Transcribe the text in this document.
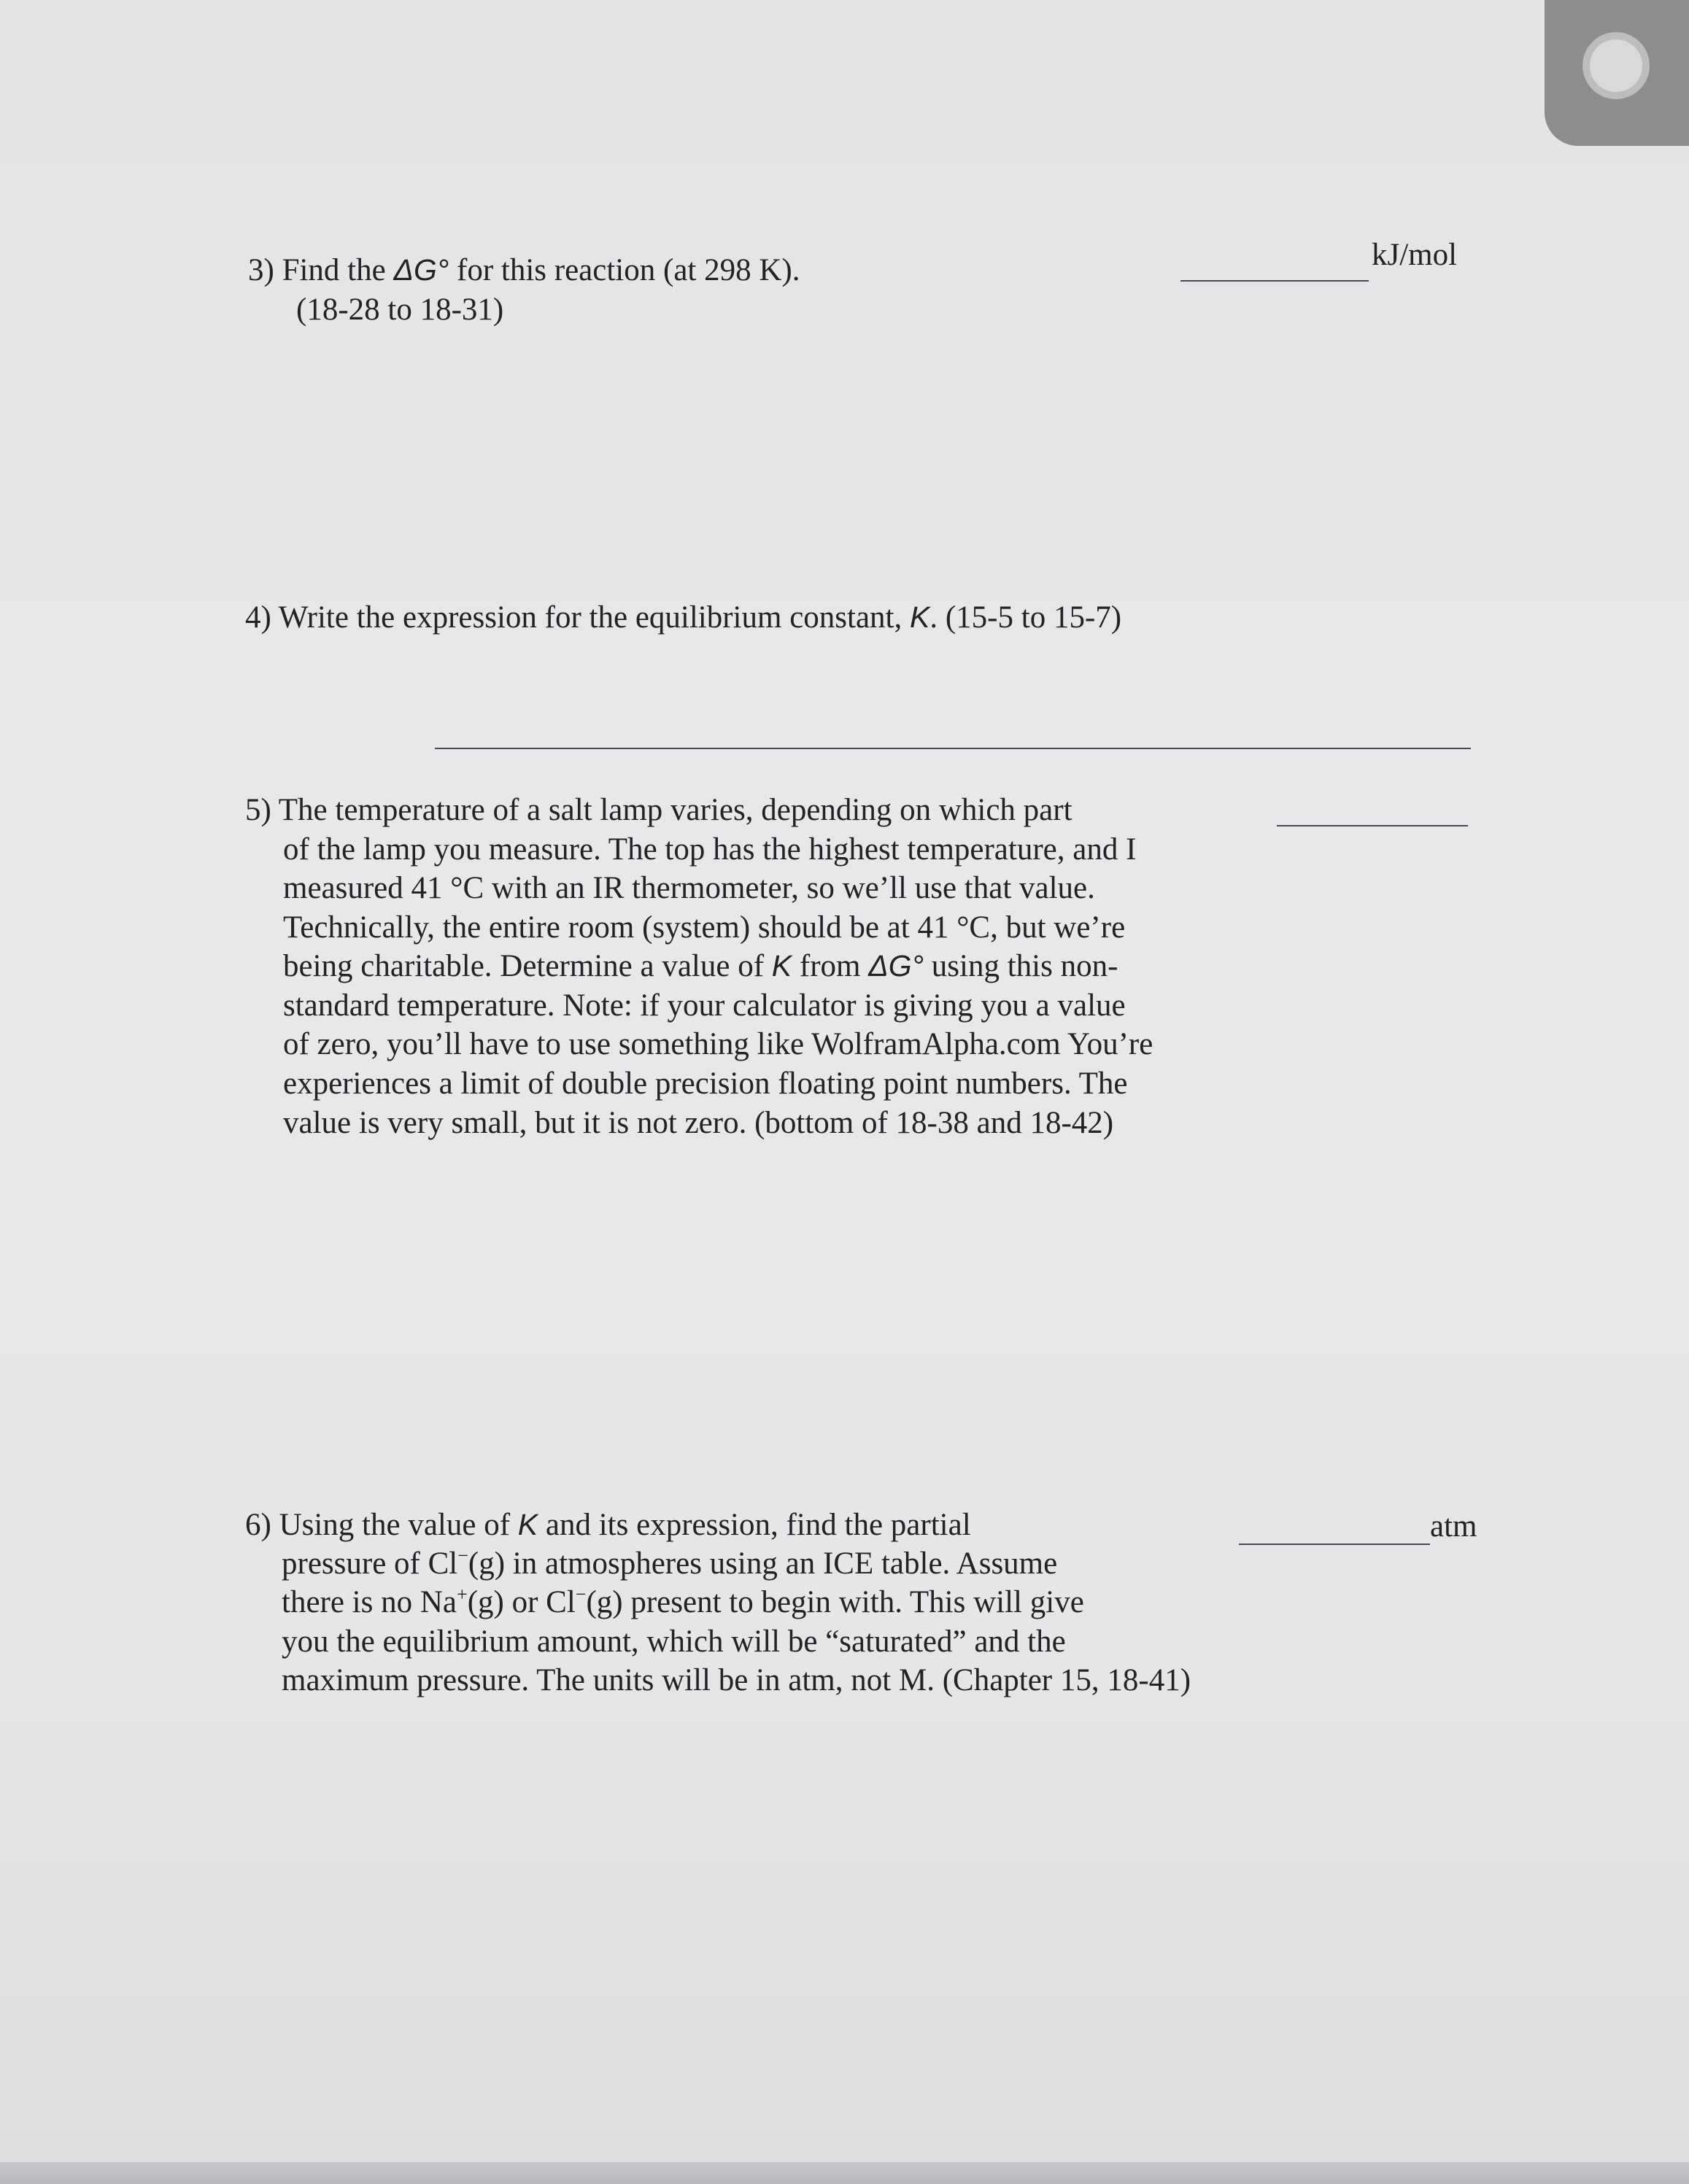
3) Find the ΔG° for this reaction (at 298 K).
(18-28 to 18-31)
kJ/mol
4) Write the expression for the equilibrium constant, K. (15-5 to 15-7)
5) The temperature of a salt lamp varies, depending on which part
of the lamp you measure. The top has the highest temperature, and I
measured 41 °C with an IR thermometer, so we’ll use that value.
Technically, the entire room (system) should be at 41 °C, but we’re
being charitable. Determine a value of K from ΔG° using this non-
standard temperature. Note: if your calculator is giving you a value
of zero, you’ll have to use something like WolframAlpha.com You’re
experiences a limit of double precision floating point numbers. The
value is very small, but it is not zero. (bottom of 18-38 and 18-42)
atm
6) Using the value of K and its expression, find the partial
pressure of Cl−(g) in atmospheres using an ICE table. Assume
there is no Na+(g) or Cl−(g) present to begin with. This will give
you the equilibrium amount, which will be “saturated” and the
maximum pressure. The units will be in atm, not M. (Chapter 15, 18-41)
